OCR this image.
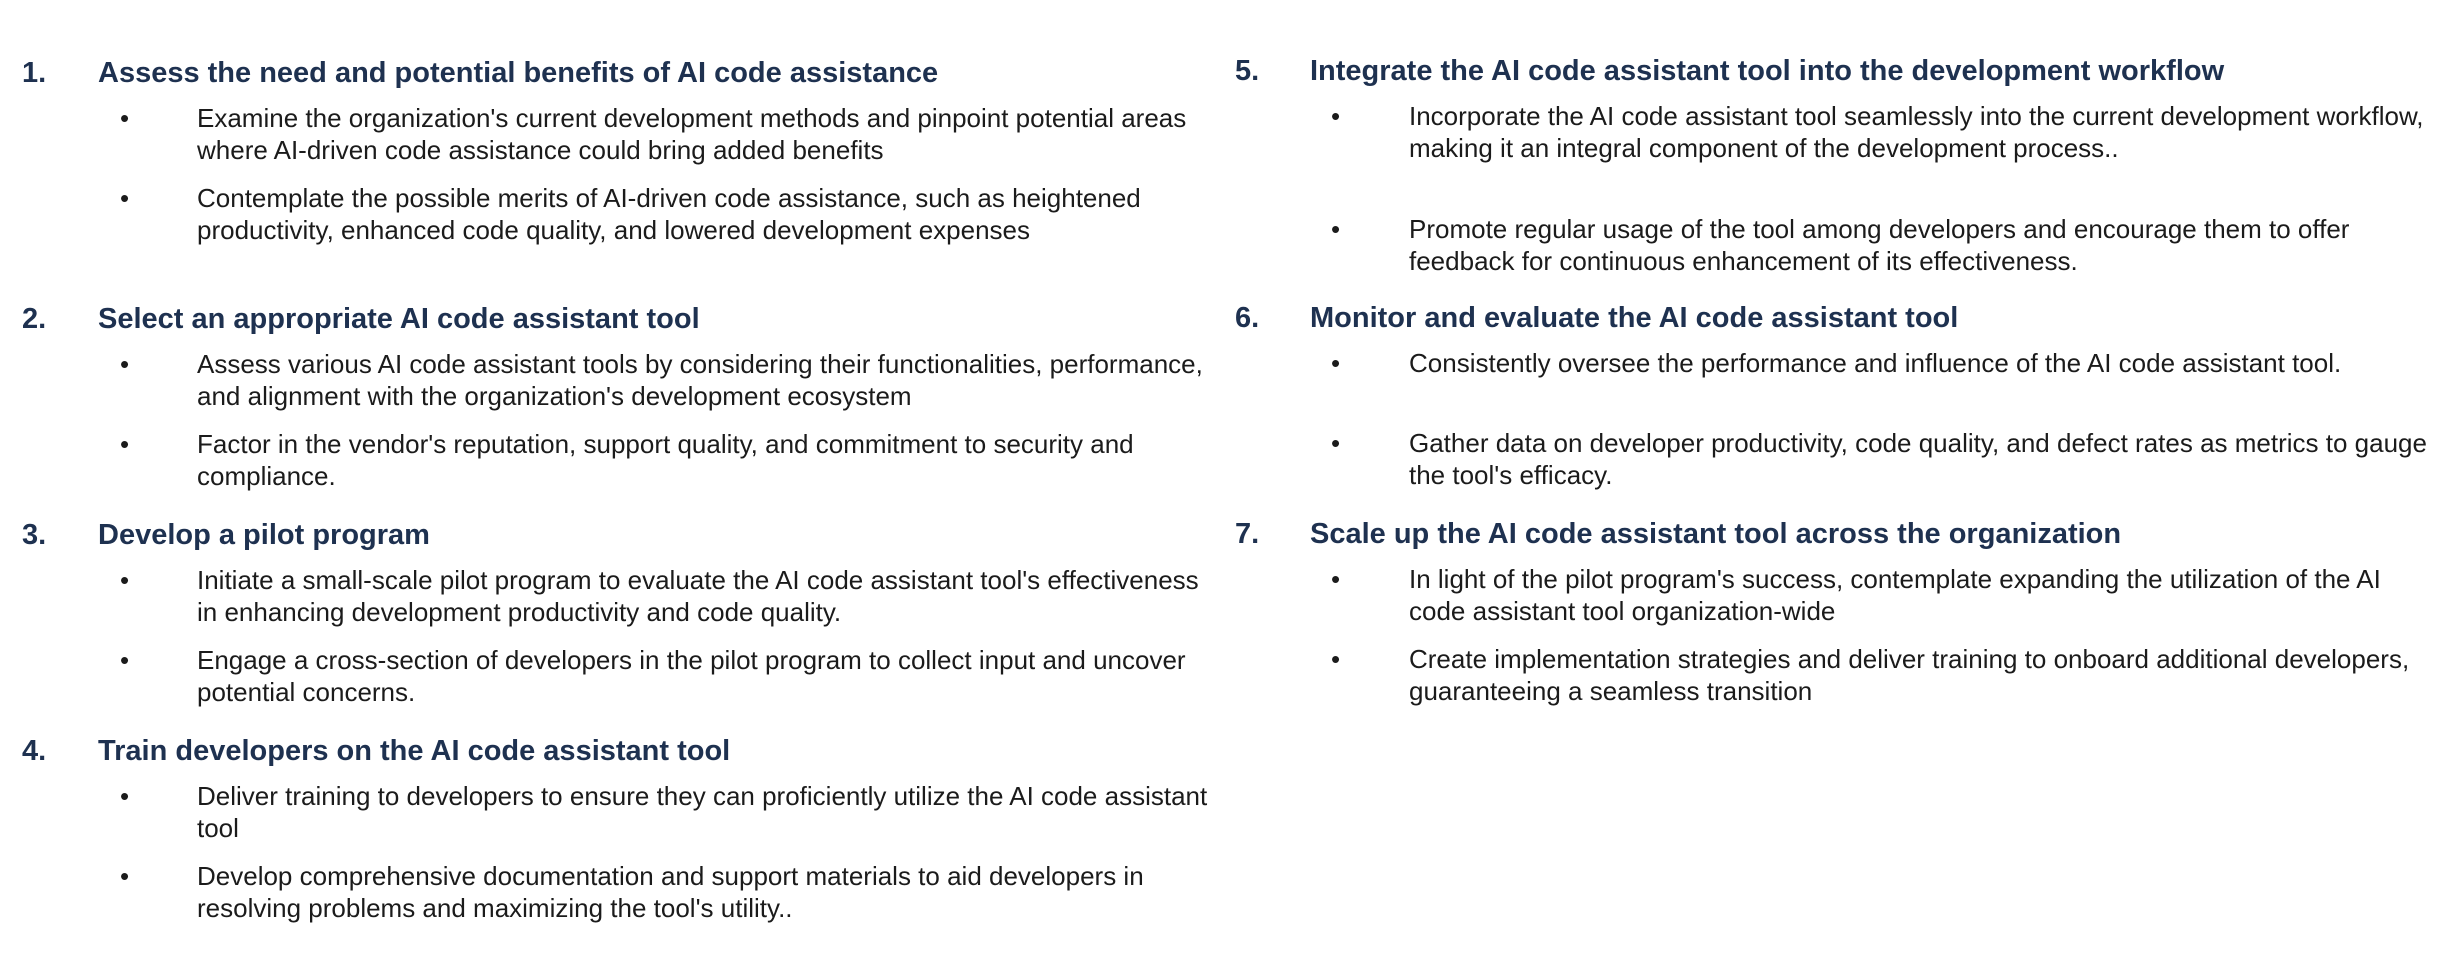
1. Assess the need and potential benefits of AI code assistance
•	Examine the organization's current development methods and pinpoint potential areas where AI-driven code assistance could bring added benefits
•	Contemplate the possible merits of AI-driven code assistance, such as heightened productivity, enhanced code quality, and lowered development expenses
2. Select an appropriate AI code assistant tool
•	Assess various AI code assistant tools by considering their functionalities, performance, and alignment with the organization's development ecosystem
•	Factor in the vendor's reputation, support quality, and commitment to security and compliance.
3. Develop a pilot program
•	Initiate a small-scale pilot program to evaluate the AI code assistant tool's effectiveness in enhancing development productivity and code quality.
•	Engage a cross-section of developers in the pilot program to collect input and uncover potential concerns.
4. Train developers on the AI code assistant tool
•	Deliver training to developers to ensure they can proficiently utilize the AI code assistant tool
•	Develop comprehensive documentation and support materials to aid developers in resolving problems and maximizing the tool's utility..
5. Integrate the AI code assistant tool into the development workflow
•	Incorporate the AI code assistant tool seamlessly into the current development workflow, making it an integral component of the development process..
•	Promote regular usage of the tool among developers and encourage them to offer feedback for continuous enhancement of its effectiveness.
6. Monitor and evaluate the AI code assistant tool
•	Consistently oversee the performance and influence of the AI code assistant tool.
•	Gather data on developer productivity, code quality, and defect rates as metrics to gauge the tool's efficacy.
7. Scale up the AI code assistant tool across the organization
•	In light of the pilot program's success, contemplate expanding the utilization of the AI code assistant tool organization-wide
•	Create implementation strategies and deliver training to onboard additional developers, guaranteeing a seamless transition
